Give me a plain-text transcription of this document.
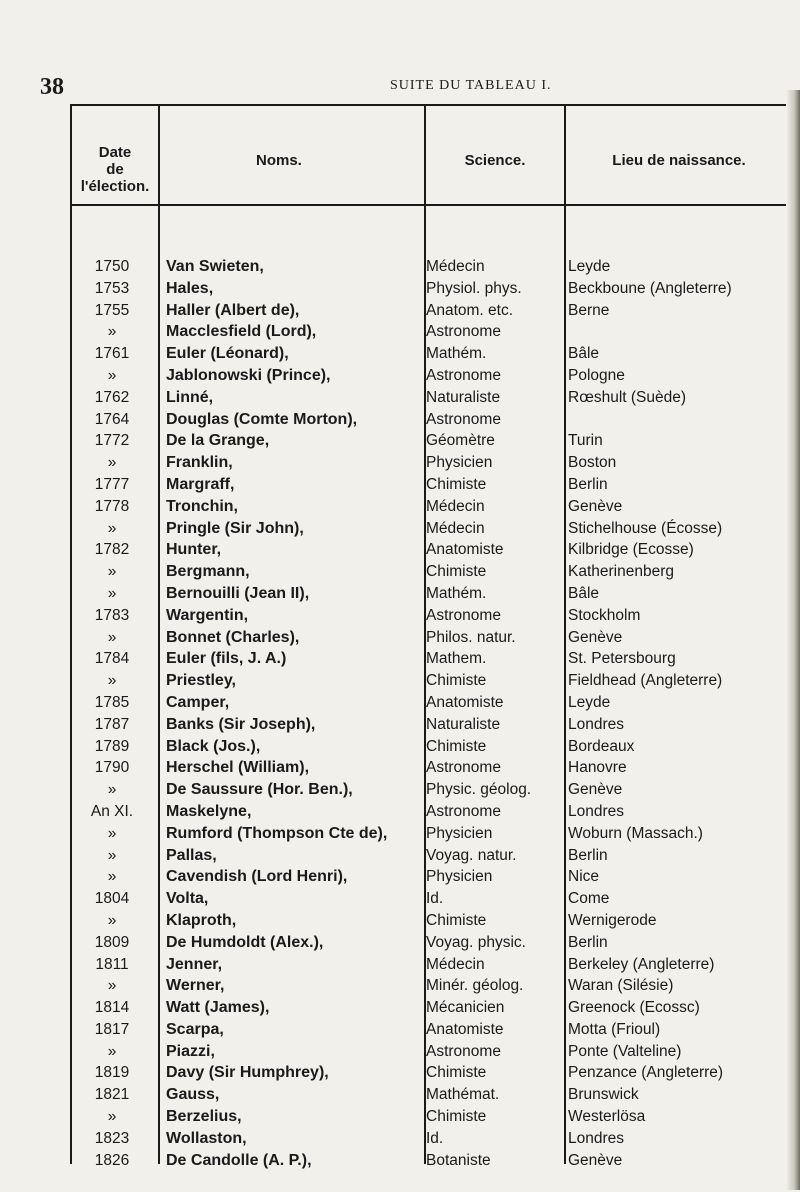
38	SUITE DU TABLEAU I.
Date
de l'élection.
Noms.	Science.	Lieu de naissance.
1750	Van Swieten,	Médecin	Leyde
1753	Hales,	Physiol. phys.	Beckboune (Angleterre)
1755	Haller (Albert de),	Anatom. etc.	Berne
»	Macclesfield (Lord),	Astronome
1761	Euler (Léonard),	Mathém.	Bâle
»	Jablonowski (Prince),	Astronome	Pologne
1762	Linné,	Naturaliste	Rœshult (Suède)
1764	Douglas (Comte Morton),	Astronome
1772	De la Grange,	Géomètre	Turin
»	Franklin,	Physicien	Boston
1777	Margraff,	Chimiste	Berlin
1778	Tronchin,	Médecin	Genève
»	Pringle (Sir John),	Médecin	Stichelhouse (Écosse)
1782	Hunter,	Anatomiste	Kilbridge (Ecosse)
»	Bergmann,	Chimiste	Katherinenberg
»	Bernouilli (Jean II),	Mathém.	Bâle
1783	Wargentin,	Astronome	Stockholm
»	Bonnet (Charles),	Philos. natur.	Genève
1784	Euler (fils, J. A.)	Mathem.	St. Petersbourg
»	Priestley,	Chimiste	Fieldhead (Angleterre)
1785	Camper,	Anatomiste	Leyde
1787	Banks (Sir Joseph),	Naturaliste	Londres
1789	Black (Jos.),	Chimiste	Bordeaux
1790	Herschel (William),	Astronome	Hanovre
»	De Saussure (Hor. Ben.),	Physic. géolog.	Genève
An XI.	Maskelyne,	Astronome	Londres
»	Rumford (Thompson Cte de),	Physicien	Woburn (Massach.)
»	Pallas,	Voyag. natur.	Berlin
»	Cavendish (Lord Henri),	Physicien	Nice
1804	Volta,	Id.	Come
»	Klaproth,	Chimiste	Wernigerode
1809	De Humdoldt (Alex.),	Voyag. physic.	Berlin
1811	Jenner,	Médecin	Berkeley (Angleterre)
»	Werner,	Minér. géolog.	Waran (Silésie)
1814	Watt (James),	Mécanicien	Greenock (Ecossc)
1817	Scarpa,	Anatomiste	Motta (Frioul)
»	Piazzi,	Astronome	Ponte (Valteline)
1819	Davy (Sir Humphrey),	Chimiste	Penzance (Angleterre)
1821	Gauss,	Mathémat.	Brunswick
»	Berzelius,	Chimiste	Westerlösa
1823	Wollaston,	Id.	Londres
1826	De Candolle (A. P.),	Botaniste	Genève
